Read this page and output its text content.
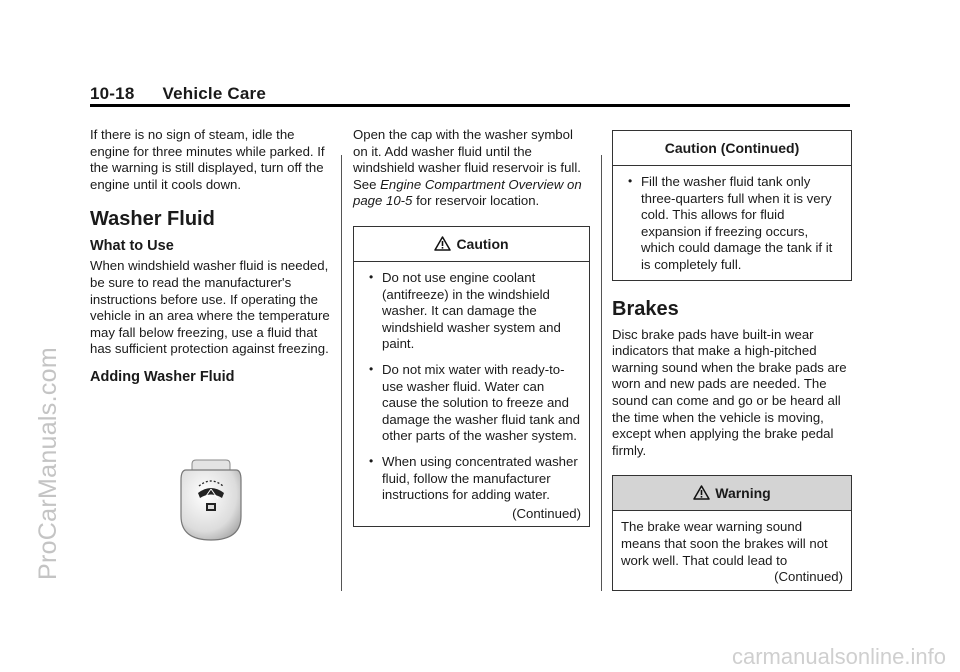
10-18 Vehicle Care

If there is no sign of steam, idle the engine for three minutes while parked. If the warning is still displayed, turn off the engine until it cools down.

Washer Fluid
What to Use

When windshield washer fluid is needed, be sure to read the manufacturer's instructions before use. If operating the vehicle in an area where the temperature may fall below freezing, use a fluid that has sufficient protection against freezing.

Adding Washer Fluid

Open the cap with the washer symbol on it. Add washer fluid until the windshield washer fluid reservoir is full. See Engine Compartment Overview on page 10-5 for reservoir location.

Caution
• Do not use engine coolant (antifreeze) in the windshield washer. It can damage the windshield washer system and paint.
• Do not mix water with ready-to-use washer fluid. Water can cause the solution to freeze and damage the washer fluid tank and other parts of the washer system.
• When using concentrated washer fluid, follow the manufacturer instructions for adding water.
(Continued)
Caution (Continued)
• Fill the washer fluid tank only three-quarters full when it is very cold. This allows for fluid expansion if freezing occurs, which could damage the tank if it is completely full.
Brakes

Disc brake pads have built-in wear indicators that make a high-pitched warning sound when the brake pads are worn and new pads are needed. The sound can come and go or be heard all the time when the vehicle is moving, except when applying the brake pedal firmly.

Warning

The brake wear warning sound means that soon the brakes will not work well. That could lead to

(Continued)
ProCarManuals.com
carmanualsonline.info
